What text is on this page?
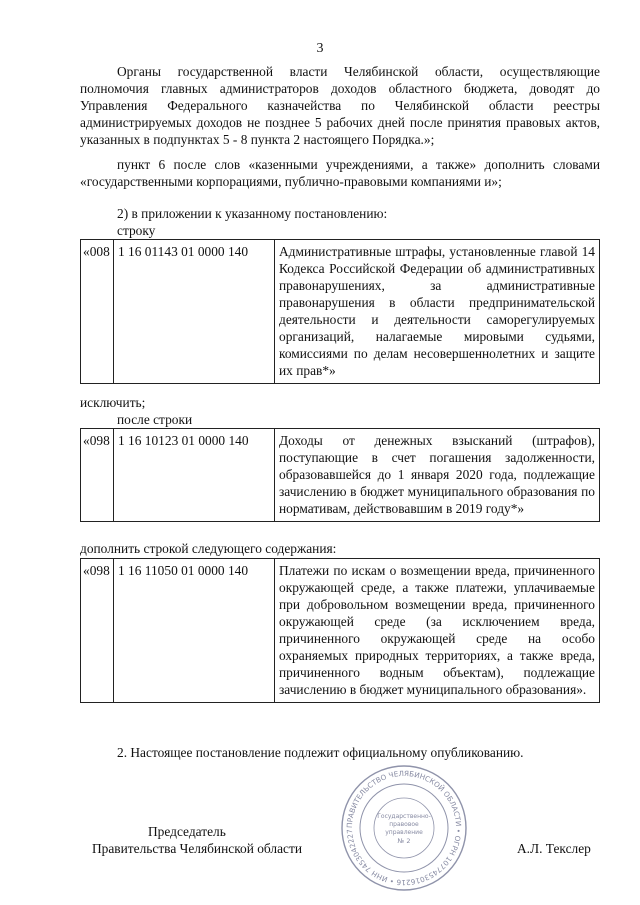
3
Органы государственной власти Челябинской области, осуществляющие полномочия главных администраторов доходов областного бюджета, доводят до Управления Федерального казначейства по Челябинской области реестры администрируемых доходов не позднее 5 рабочих дней после принятия правовых актов, указанных в подпунктах 5 - 8 пункта 2 настоящего Порядка.»;
пункт 6 после слов «казенными учреждениями, а также» дополнить словами «государственными корпорациями, публично-правовыми компаниями и»;
2) в приложении к указанному постановлению:
строку
«008	1 16 01143 01 0000 140	Административные штрафы, установленные главой 14 Кодекса Российской Федерации об административных правонарушениях, за административные правонарушения в области предпринимательской деятельности и деятельности саморегулируемых организаций, налагаемые мировыми судьями, комиссиями по делам несовершеннолетних и защите их прав*»
исключить;
после строки
«098	1 16 10123 01 0000 140	Доходы от денежных взысканий (штрафов), поступающие в счет погашения задолженности, образовавшейся до 1 января 2020 года, подлежащие зачислению в бюджет муниципального образования по нормативам, действовавшим в 2019 году*»
дополнить строкой следующего содержания:
«098	1 16 11050 01 0000 140	Платежи по искам о возмещении вреда, причиненного окружающей среде, а также платежи, уплачиваемые при добровольном возмещении вреда, причиненного окружающей среде (за исключением вреда, причиненного окружающей среде на особо охраняемых природных территориях, а также вреда, причиненного водным объектам), подлежащие зачислению в бюджет муниципального образования».
2. Настоящее постановление подлежит официальному опубликованию.
ПРАВИТЕЛЬСТВО ЧЕЛЯБИНСКОЙ ОБЛАСТИ • ОГРН 1077453016216 • ИНН 7453042227
Государственно-
правовое
управление
№ 2
Председатель
Правительства Челябинской области	А.Л. Текслер
